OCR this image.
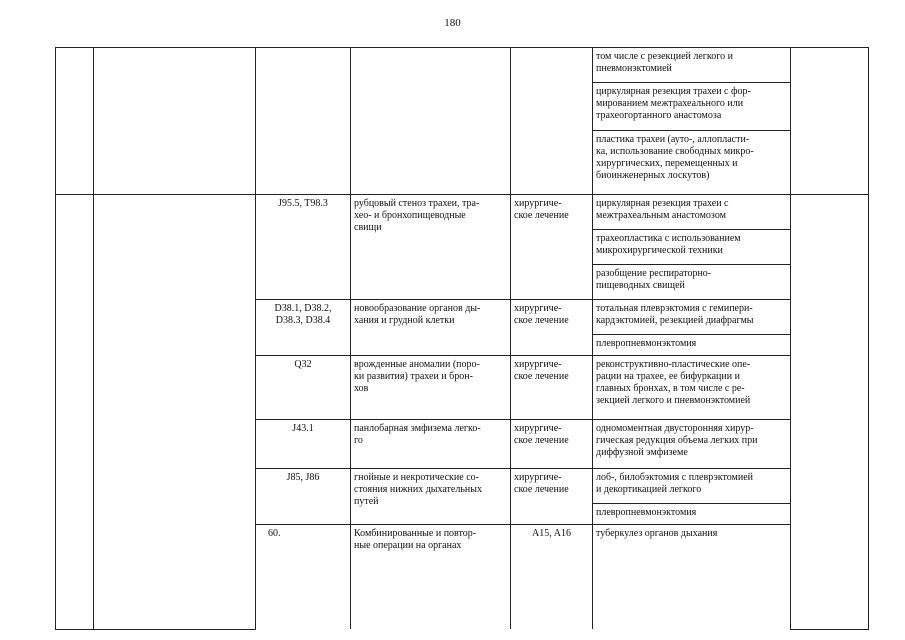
180

					том числе с резекцией легкого и
пневмонэктомией		

					циркулярная резекция трахеи с фор-
мированием межтрахеального или
трахеогортанного анастомоза		

					пластика трахеи (ауто-, аллопласти-
ка, использование свободных микро-
хирургических, перемещенных и
биоинженерных лоскутов)		

		J95.5, T98.3	рубцовый стеноз трахеи, тра-
хео- и бронхопищеводные
свищи	хирургиче-
ское лечение	циркулярная резекция трахеи с
межтрахеальным анастомозом		

					трахеопластика с использованием
микрохирургической техники		

					разобщение респираторно-
пищеводных свищей		

		D38.1, D38.2,
D38.3, D38.4	новообразование органов ды-
хания и грудной клетки	хирургиче-
ское лечение	тотальная плеврэктомия с гемипери-
кардэктомией, резекцией диафрагмы		

					плевропневмонэктомия		

		Q32	врожденные аномалии (поро-
ки развития) трахеи и брон-
хов	хирургиче-
ское лечение	реконструктивно-пластические опе-
рации на трахее, ее бифуркации и
главных бронхах, в том числе с ре-
зекцией легкого и пневмонэктомией		

		J43.1	панлобарная эмфизема легко-
го	хирургиче-
ское лечение	одномоментная двусторонняя хирур-
гическая редукция объема легких при
диффузной эмфиземе		

		J85, J86	гнойные и некротические со-
стояния нижних дыхательных
путей	хирургиче-
ское лечение	лоб-, билобэктомия с плеврэктомией
и декортикацией легкого		

					плевропневмонэктомия		

		60.	Комбинированные и повтор-
ные операции на органах	A15, A16	туберкулез органов дыхания
